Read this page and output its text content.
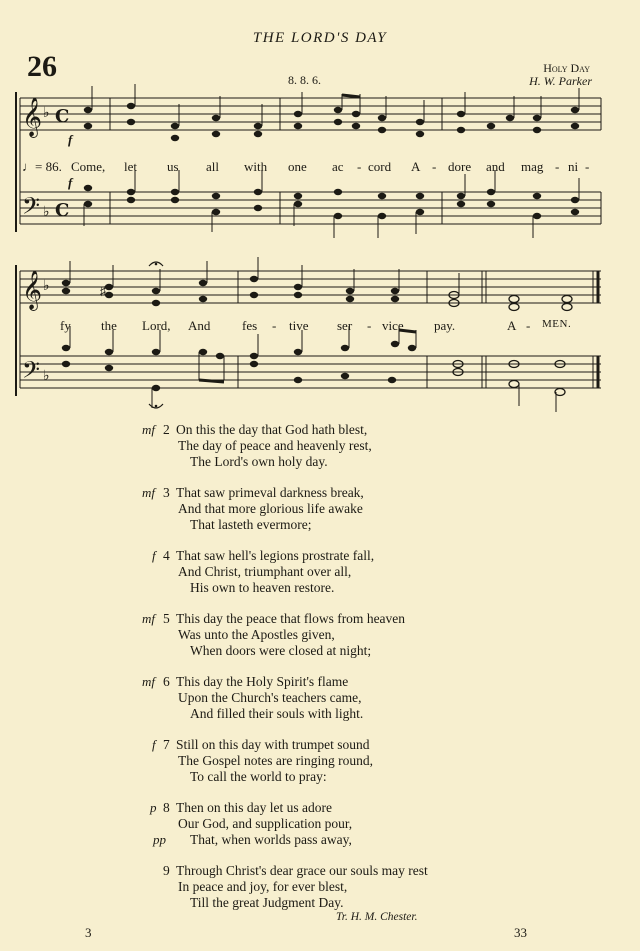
THE LORD'S DAY
26	8. 8. 6.
Holy Day
H. W. Parker
𝄞 ♭ C
𝄢 ♭ C
𝄞 ♭
𝄢 ♭
♯
f
f
♩= 86. Come, let us all with one ac - cord A - dore and mag - ni -
fy the Lord, And fes - tive ser - vice pay.	A - MEN.
mf 2 On this the day that God hath blest,
The day of peace and heavenly rest,
The Lord's own holy day.
mf 3 That saw primeval darkness break,
And that more glorious life awake
That lasteth evermore;
f 4 That saw hell's legions prostrate fall,
And Christ, triumphant over all,
His own to heaven restore.
mf 5 This day the peace that flows from heaven
Was unto the Apostles given,
When doors were closed at night;
mf 6 This day the Holy Spirit's flame
Upon the Church's teachers came,
And filled their souls with light.
f 7 Still on this day with trumpet sound
The Gospel notes are ringing round,
To call the world to pray:
p 8 Then on this day let us adore
Our God, and supplication pour,
pp That, when worlds pass away,
9 Through Christ's dear grace our souls may rest
In peace and joy, for ever blest,
Till the great Judgment Day.
Tr. H. M. Chester.
3	33
